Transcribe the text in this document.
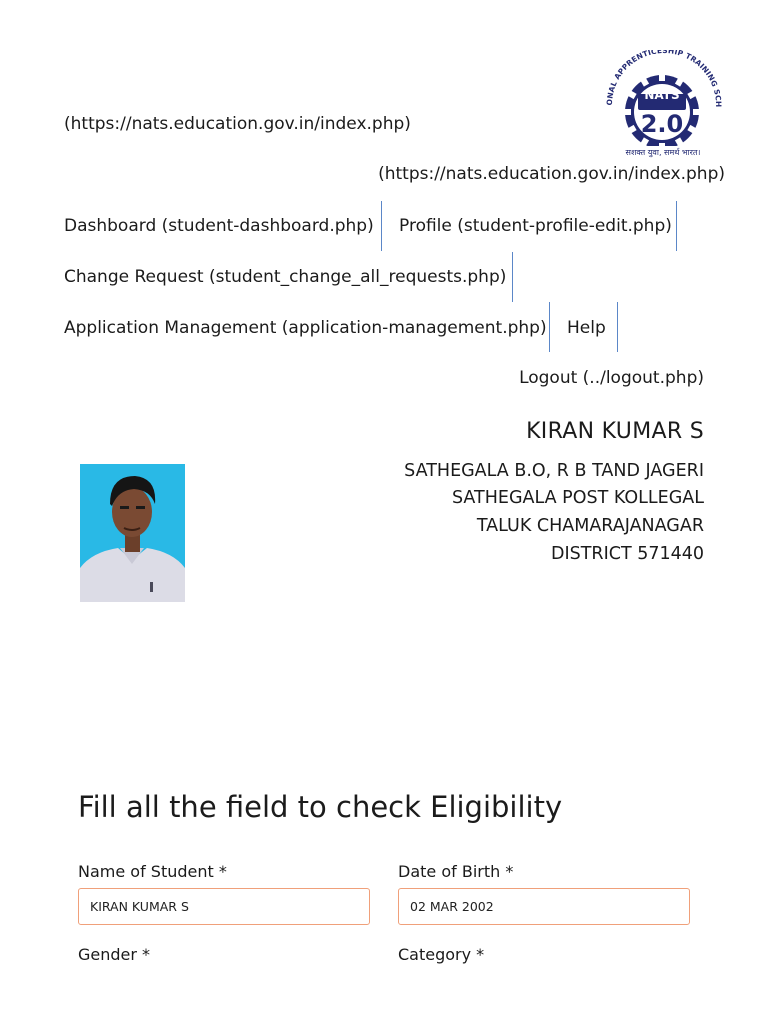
(https://nats.education.gov.in/index.php)
ONAL APPRENTICESHIP TRAINING SCH
NATS
2.0
सशक्त युवा, समर्थ भारत।
(https://nats.education.gov.in/index.php)
Dashboard (student-dashboard.php) Profile (student-profile-edit.php)
Change Request (student_change_all_requests.php)
Application Management (application-management.php) Help
Logout (../logout.php)
KIRAN KUMAR S
SATHEGALA B.O, R B TAND JAGERI
SATHEGALA POST KOLLEGAL
TALUK CHAMARAJANAGAR
DISTRICT 571440
Fill all the field to check Eligibility
Name of Student *
KIRAN KUMAR S	Date of Birth *
02 MAR 2002
Gender *	Category *
